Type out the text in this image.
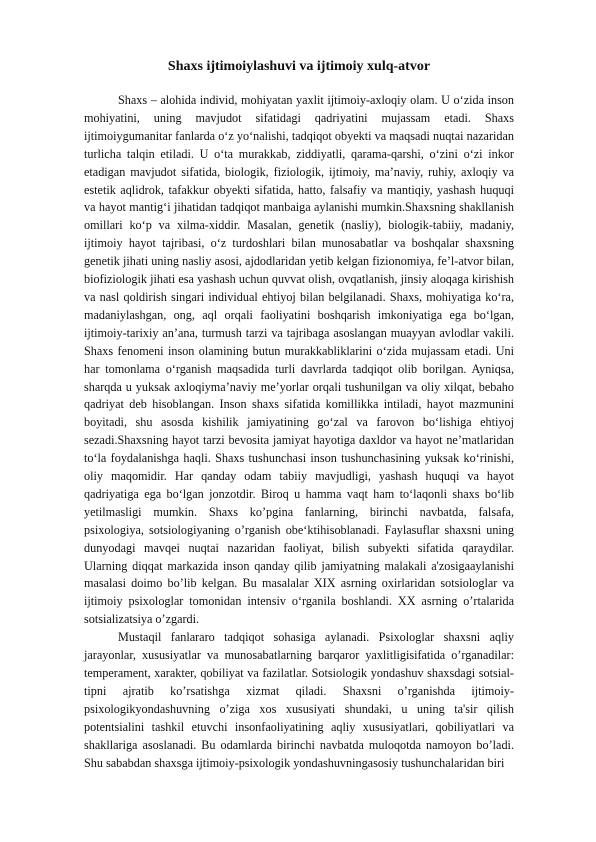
Shaxs ijtimoiylashuvi va ijtimoiy xulq-atvor

Shaxs – alohida individ, mohiyatan yaxlit ijtimoiy-axloqiy olam. U o‘zida inson mohiyatini, uning mavjudot sifatidagi qadriyatini mujassam etadi. Shaxs ijtimoiygumanitar fanlarda o‘z yo‘nalishi, tadqiqot obyekti va maqsadi nuqtai nazaridan turlicha talqin etiladi. U o‘ta murakkab, ziddiyatli, qarama-qarshi, o‘zini o‘zi inkor etadigan mavjudot sifatida, biologik, fiziologik, ijtimoiy, ma’naviy, ruhiy, axloqiy va estetik aqlidrok, tafakkur obyekti sifatida, hatto, falsafiy va mantiqiy, yashash huquqi va hayot mantig‘i jihatidan tadqiqot manbaiga aylanishi mumkin.Shaxsning shakllanish omillari ko‘p va xilma-xiddir. Masalan, genetik (nasliy), biologik-tabiiy, madaniy, ijtimoiy hayot tajribasi, o‘z turdoshlari bilan munosabatlar va boshqalar shaxsning genetik jihati uning nasliy asosi, ajdodlaridan yetib kelgan fizionomiya, fe’l-atvor bilan, biofiziologik jihati esa yashash uchun quvvat olish, ovqatlanish, jinsiy aloqaga kirishish va nasl qoldirish singari individual ehtiyoj bilan belgilanadi. Shaxs, mohiyatiga ko‘ra, madaniylashgan, ong, aql orqali faoliyatini boshqarish imkoniyatiga ega bo‘lgan, ijtimoiy-tarixiy an’ana, turmush tarzi va tajribaga asoslangan muayyan avlodlar vakili. Shaxs fenomeni inson olamining butun murakkabliklarini o‘zida mujassam etadi. Uni har tomonlama o‘rganish maqsadida turli davrlarda tadqiqot olib borilgan. Ayniqsa, sharqda u yuksak axloqiyma’naviy me’yorlar orqali tushunilgan va oliy xilqat, bebaho qadriyat deb hisoblangan. Inson shaxs sifatida komillikka intiladi, hayot mazmunini boyitadi, shu asosda kishilik jamiyatining go‘zal va farovon bo‘lishiga ehtiyoj sezadi.Shaxsning hayot tarzi bevosita jamiyat hayotiga daxldor va hayot ne’matlaridan to‘la foydalanishga haqli. Shaxs tushunchasi inson tushunchasining yuksak ko‘rinishi, oliy maqomidir. Har qanday odam tabiiy mavjudligi, yashash huquqi va hayot qadriyatiga ega bo‘lgan jonzotdir. Biroq u hamma vaqt ham to‘laqonli shaxs bo‘lib yetilmasligi mumkin. Shaxs ko’pgina fanlarning, birinchi navbatda, falsafa, psixologiya, sotsiologiyaning o’rganish obe‘ktihisoblanadi. Faylasuflar shaxsni uning dunyodagi mavqei nuqtai nazaridan faoliyat, bilish subyekti sifatida qaraydilar. Ularning diqqat markazida inson qanday qilib jamiyatning malakali a'zosigaaylanishi masalasi doimo bo’lib kelgan. Bu masalalar XIX asrning oxirlaridan sotsiologlar va ijtimoiy psixologlar tomonidan intensiv o‘rganila boshlandi. XX asrning o’rtalarida sotsializatsiya o’zgardi.

Mustaqil fanlararo tadqiqot sohasiga aylanadi. Psixologlar shaxsni aqliy jarayonlar, xususiyatlar va munosabatlarning barqaror yaxlitligisifatida o’rganadilar: temperament, xarakter, qobiliyat va fazilatlar. Sotsiologik yondashuv shaxsdagi sotsial-tipni ajratib ko’rsatishga xizmat qiladi. Shaxsni o’rganishda ijtimoiy-psixologikyondashuvning o’ziga xos xususiyati shundaki, u uning ta'sir qilish potentsialini tashkil etuvchi insonfaoliyatining aqliy xususiyatlari, qobiliyatlari va shakllariga asoslanadi. Bu odamlarda birinchi navbatda muloqotda namoyon bo’ladi. Shu sababdan shaxsga ijtimoiy-psixologik yondashuvningasosiy tushunchalaridan biri
